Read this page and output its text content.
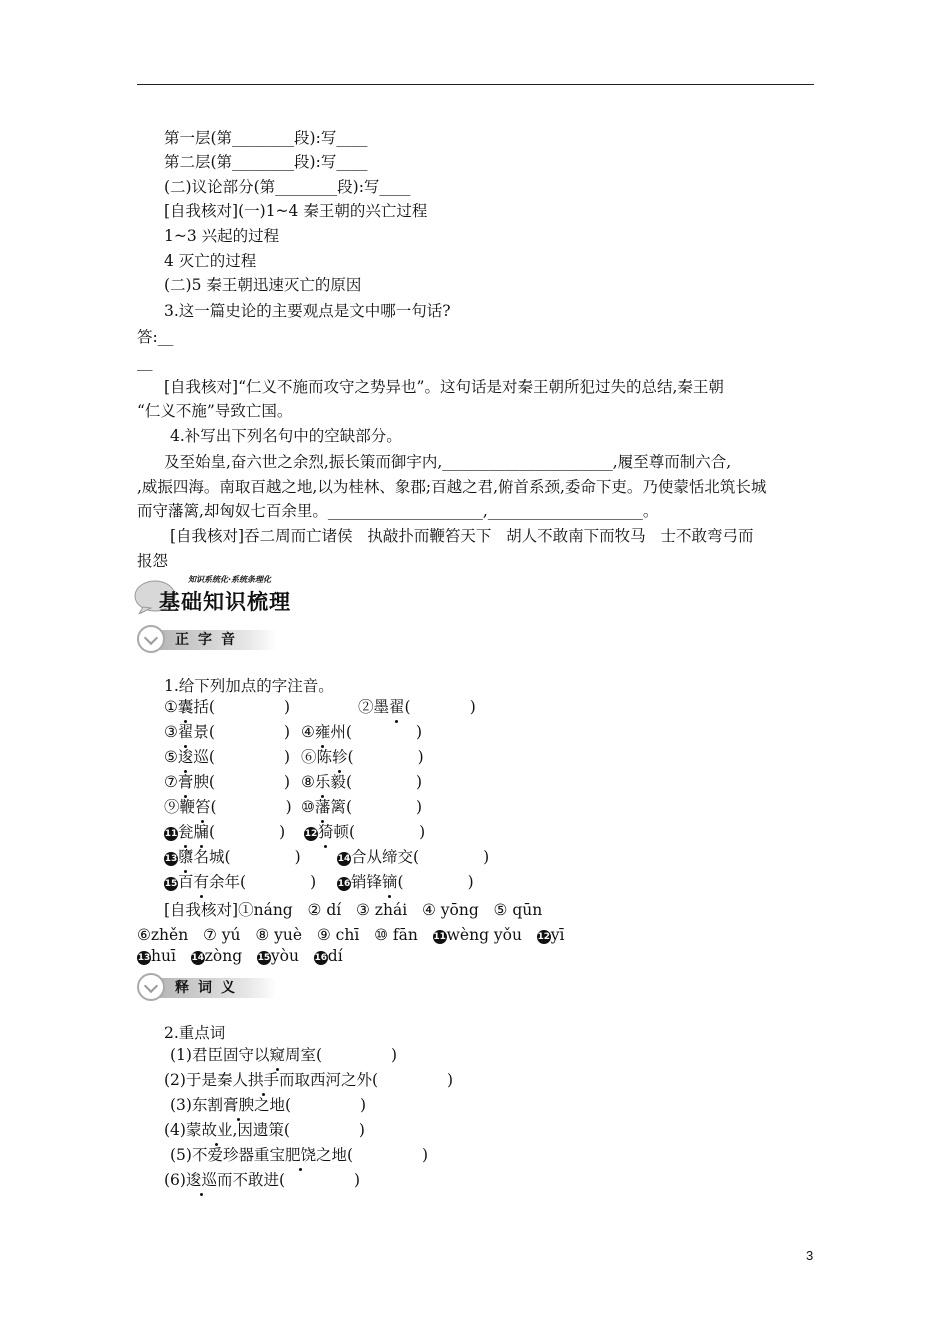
第一层(第________段):写____
第二层(第________段):写____
(二)议论部分(第________段):写____
[自我核对](一)1~4 秦王朝的兴亡过程
1~3 兴起的过程
4 灭亡的过程
(二)5 秦王朝迅速灭亡的原因
3.这一篇史论的主要观点是文中哪一句话?
答:__
__
[自我核对]“仁义不施而攻守之势异也”。这句话是对秦王朝所犯过失的总结,秦王朝
“仁义不施”导致亡国。
4.补写出下列名句中的空缺部分。
及至始皇,奋六世之余烈,振长策而御宇内,______________________,履至尊而制六合,
,威振四海。南取百越之地,以为桂林、象郡;百越之君,俯首系颈,委命下吏。乃使蒙恬北筑长城
而守藩篱,却匈奴七百余里。____________________,____________________。
[自我核对]吞二周而亡诸侯   执敲扑而鞭笞天下   胡人不敢南下而牧马   士不敢弯弓而
报怨
知识系统化·系统条理化
基础知识梳理
正字音
1.给下列加点的字注音。
①囊括(              )	②墨翟(            )
③翟景(              ) ④雍州(             )
⑤逡巡(              ) ⑥陈轸(             )
⑦膏腴(              ) ⑧乐毅(             )
⑨鞭笞(              ) ⑩藩篱(             )
11瓮牖(             ) 12猗顿(             )
13隳名城(             )	14合从缔交(             )
15百有余年(             ) 16销锋镝(             )
[自我核对]①náng   ② dí   ③ zhái   ④ yōng   ⑤ qūn
⑥zhěn   ⑦ yú   ⑧ yuè   ⑨ chī   ⑩ fān   11wèng yǒu   12yī
13huī   14zòng   15yòu   16dí
释词义
2.重点词
(1)君臣固守以窥周室(              )
(2)于是秦人拱手而取西河之外(              )
(3)东割膏腴之地(              )
(4)蒙故业,因遗策(              )
(5)不爱珍器重宝肥饶之地(              )
(6)逡巡而不敢进(              )
3
